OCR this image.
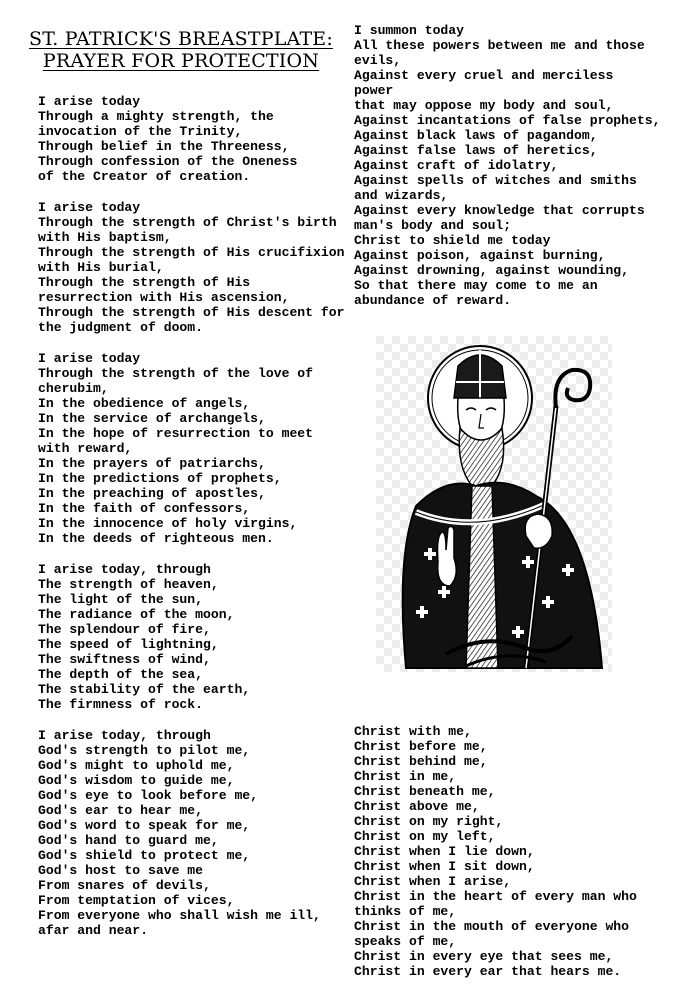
ST. PATRICK'S BREASTPLATE:
PRAYER FOR PROTECTION
I arise today
Through a mighty strength, the
invocation of the Trinity,
Through belief in the Threeness,
Through confession of the Oneness
of the Creator of creation.
I arise today
Through the strength of Christ's birth
with His baptism,
Through the strength of His crucifixion
with His burial,
Through the strength of His
resurrection with His ascension,
Through the strength of His descent for
the judgment of doom.
I arise today
Through the strength of the love of
cherubim,
In the obedience of angels,
In the service of archangels,
In the hope of resurrection to meet
with reward,
In the prayers of patriarchs,
In the predictions of prophets,
In the preaching of apostles,
In the faith of confessors,
In the innocence of holy virgins,
In the deeds of righteous men.
I arise today, through
The strength of heaven,
The light of the sun,
The radiance of the moon,
The splendour of fire,
The speed of lightning,
The swiftness of wind,
The depth of the sea,
The stability of the earth,
The firmness of rock.
I arise today, through
God's strength to pilot me,
God's might to uphold me,
God's wisdom to guide me,
God's eye to look before me,
God's ear to hear me,
God's word to speak for me,
God's hand to guard me,
God's shield to protect me,
God's host to save me
From snares of devils,
From temptation of vices,
From everyone who shall wish me ill,
afar and near.
I summon today
All these powers between me and those
evils,
Against every cruel and merciless
power
that may oppose my body and soul,
Against incantations of false prophets,
Against black laws of pagandom,
Against false laws of heretics,
Against craft of idolatry,
Against spells of witches and smiths
and wizards,
Against every knowledge that corrupts
man's body and soul;
Christ to shield me today
Against poison, against burning,
Against drowning, against wounding,
So that there may come to me an
abundance of reward.
Christ with me,
Christ before me,
Christ behind me,
Christ in me,
Christ beneath me,
Christ above me,
Christ on my right,
Christ on my left,
Christ when I lie down,
Christ when I sit down,
Christ when I arise,
Christ in the heart of every man who
thinks of me,
Christ in the mouth of everyone who
speaks of me,
Christ in every eye that sees me,
Christ in every ear that hears me.
